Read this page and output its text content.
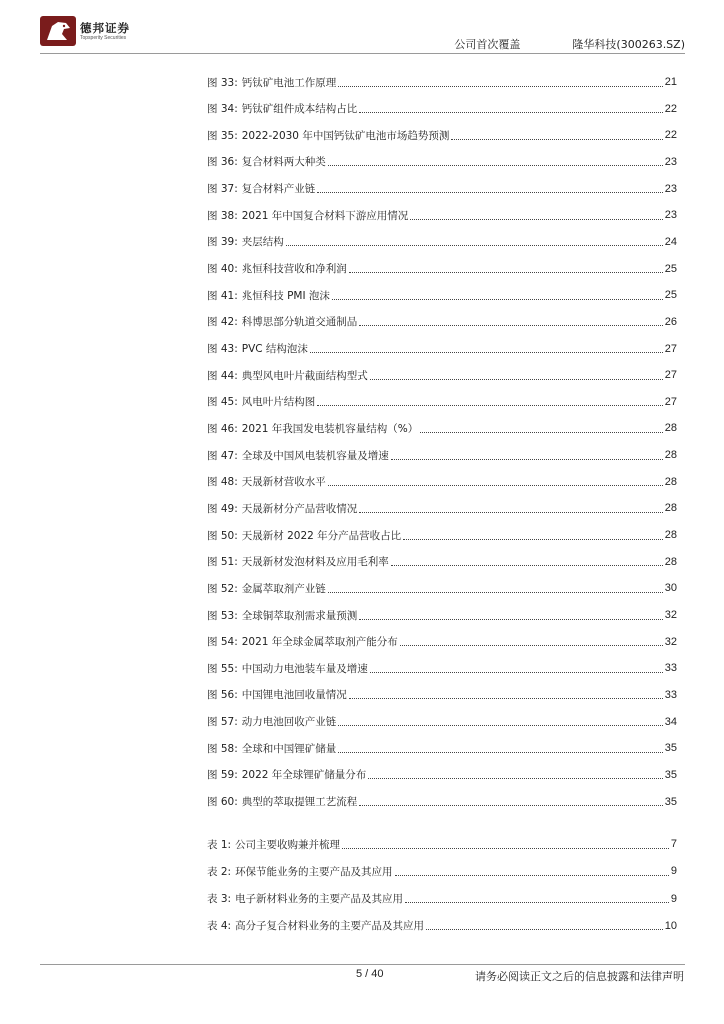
德邦证券
Topsperity Securities
公司首次覆盖	隆华科技(300263.SZ)
图 33: 钙钛矿电池工作原理	21
图 34: 钙钛矿组件成本结构占比	22
图 35: 2022-2030 年中国钙钛矿电池市场趋势预测	22
图 36: 复合材料两大种类	23
图 37: 复合材料产业链	23
图 38: 2021 年中国复合材料下游应用情况	23
图 39: 夹层结构	24
图 40: 兆恒科技营收和净利润	25
图 41: 兆恒科技 PMI 泡沫	25
图 42: 科博思部分轨道交通制品	26
图 43: PVC 结构泡沫	27
图 44: 典型风电叶片截面结构型式	27
图 45: 风电叶片结构图	27
图 46: 2021 年我国发电装机容量结构（%）	28
图 47: 全球及中国风电装机容量及增速	28
图 48: 天晟新材营收水平	28
图 49: 天晟新材分产品营收情况	28
图 50: 天晟新材 2022 年分产品营收占比	28
图 51: 天晟新材发泡材料及应用毛利率	28
图 52: 金属萃取剂产业链	30
图 53: 全球铜萃取剂需求量预测	32
图 54: 2021 年全球金属萃取剂产能分布	32
图 55: 中国动力电池装车量及增速	33
图 56: 中国锂电池回收量情况	33
图 57: 动力电池回收产业链	34
图 58: 全球和中国锂矿储量	35
图 59: 2022 年全球锂矿储量分布	35
图 60: 典型的萃取提锂工艺流程	35
表 1: 公司主要收购兼并梳理	7
表 2: 环保节能业务的主要产品及其应用	9
表 3: 电子新材料业务的主要产品及其应用	9
表 4: 高分子复合材料业务的主要产品及其应用	10
5 / 40	请务必阅读正文之后的信息披露和法律声明
